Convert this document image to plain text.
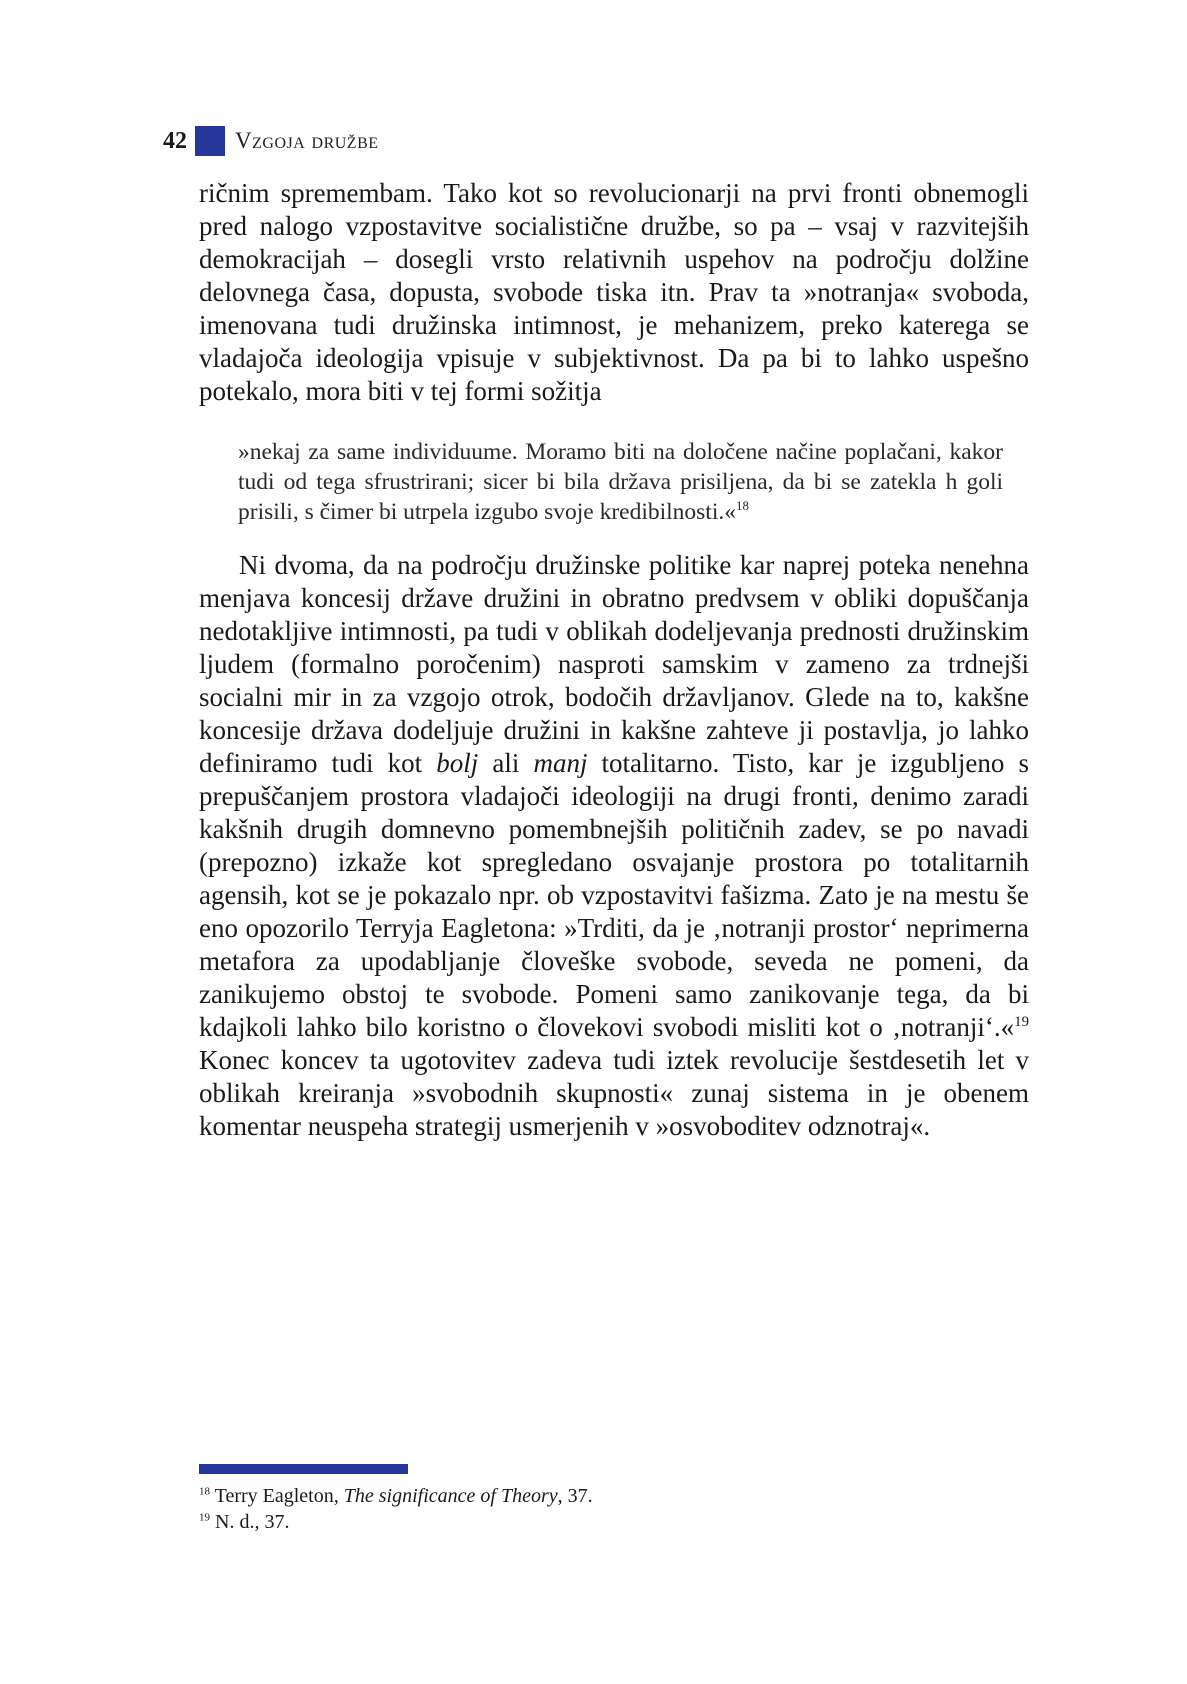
42 Vzgoja družbe

ričnim spremembam. Tako kot so revolucionarji na prvi fronti obnemogli pred nalogo vzpostavitve socialistične družbe, so pa – vsaj v razvitejših demokracijah – dosegli vrsto relativnih uspehov na področju dolžine delovnega časa, dopusta, svobode tiska itn. Prav ta »notranja« svoboda, imenovana tudi družinska intimnost, je mehanizem, preko katerega se vladajoča ideologija vpisuje v subjektivnost. Da pa bi to lahko uspešno potekalo, mora biti v tej formi sožitja

»nekaj za same individuume. Moramo biti na določene načine poplačani, kakor tudi od tega sfrustrirani; sicer bi bila država prisiljena, da bi se zatekla h goli prisili, s čimer bi utrpela izgubo svoje kredibilnosti.«$^{18}$

Ni dvoma, da na področju družinske politike kar naprej poteka nenehna menjava koncesij države družini in obratno predvsem v obliki dopuščanja nedotakljive intimnosti, pa tudi v oblikah dodeljevanja prednosti družinskim ljudem (formalno poročenim) nasproti samskim v zameno za trdnejši socialni mir in za vzgojo otrok, bodočih državljanov. Glede na to, kakšne koncesije država dodeljuje družini in kakšne zahteve ji postavlja, jo lahko definiramo tudi kot bolj ali manj totalitarno. Tisto, kar je izgubljeno s prepuščanjem prostora vladajoči ideologiji na drugi fronti, denimo zaradi kakšnih drugih domnevno pomembnejših političnih zadev, se po navadi (prepozno) izkaže kot spregledano osvajanje prostora po totalitarnih agensih, kot se je pokazalo npr. ob vzpostavitvi fašizma. Zato je na mestu še eno opozorilo Terryja Eagletona: »Trditi, da je ‚notranji prostor‘ neprimerna metafora za upodabljanje človeške svobode, seveda ne pomeni, da zanikujemo obstoj te svobode. Pomeni samo zanikovanje tega, da bi kdajkoli lahko bilo koristno o človekovi svobodi misliti kot o ‚notranji‘.«$^{19}$ Konec koncev ta ugotovitev zadeva tudi iztek revolucije šestdesetih let v oblikah kreiranja »svobodnih skupnosti« zunaj sistema in je obenem komentar neuspeha strategij usmerjenih v »osvoboditev odznotraj«.

$^{18}$ Terry Eagleton, The significance of Theory, 37.

$^{19}$ N. d., 37.
